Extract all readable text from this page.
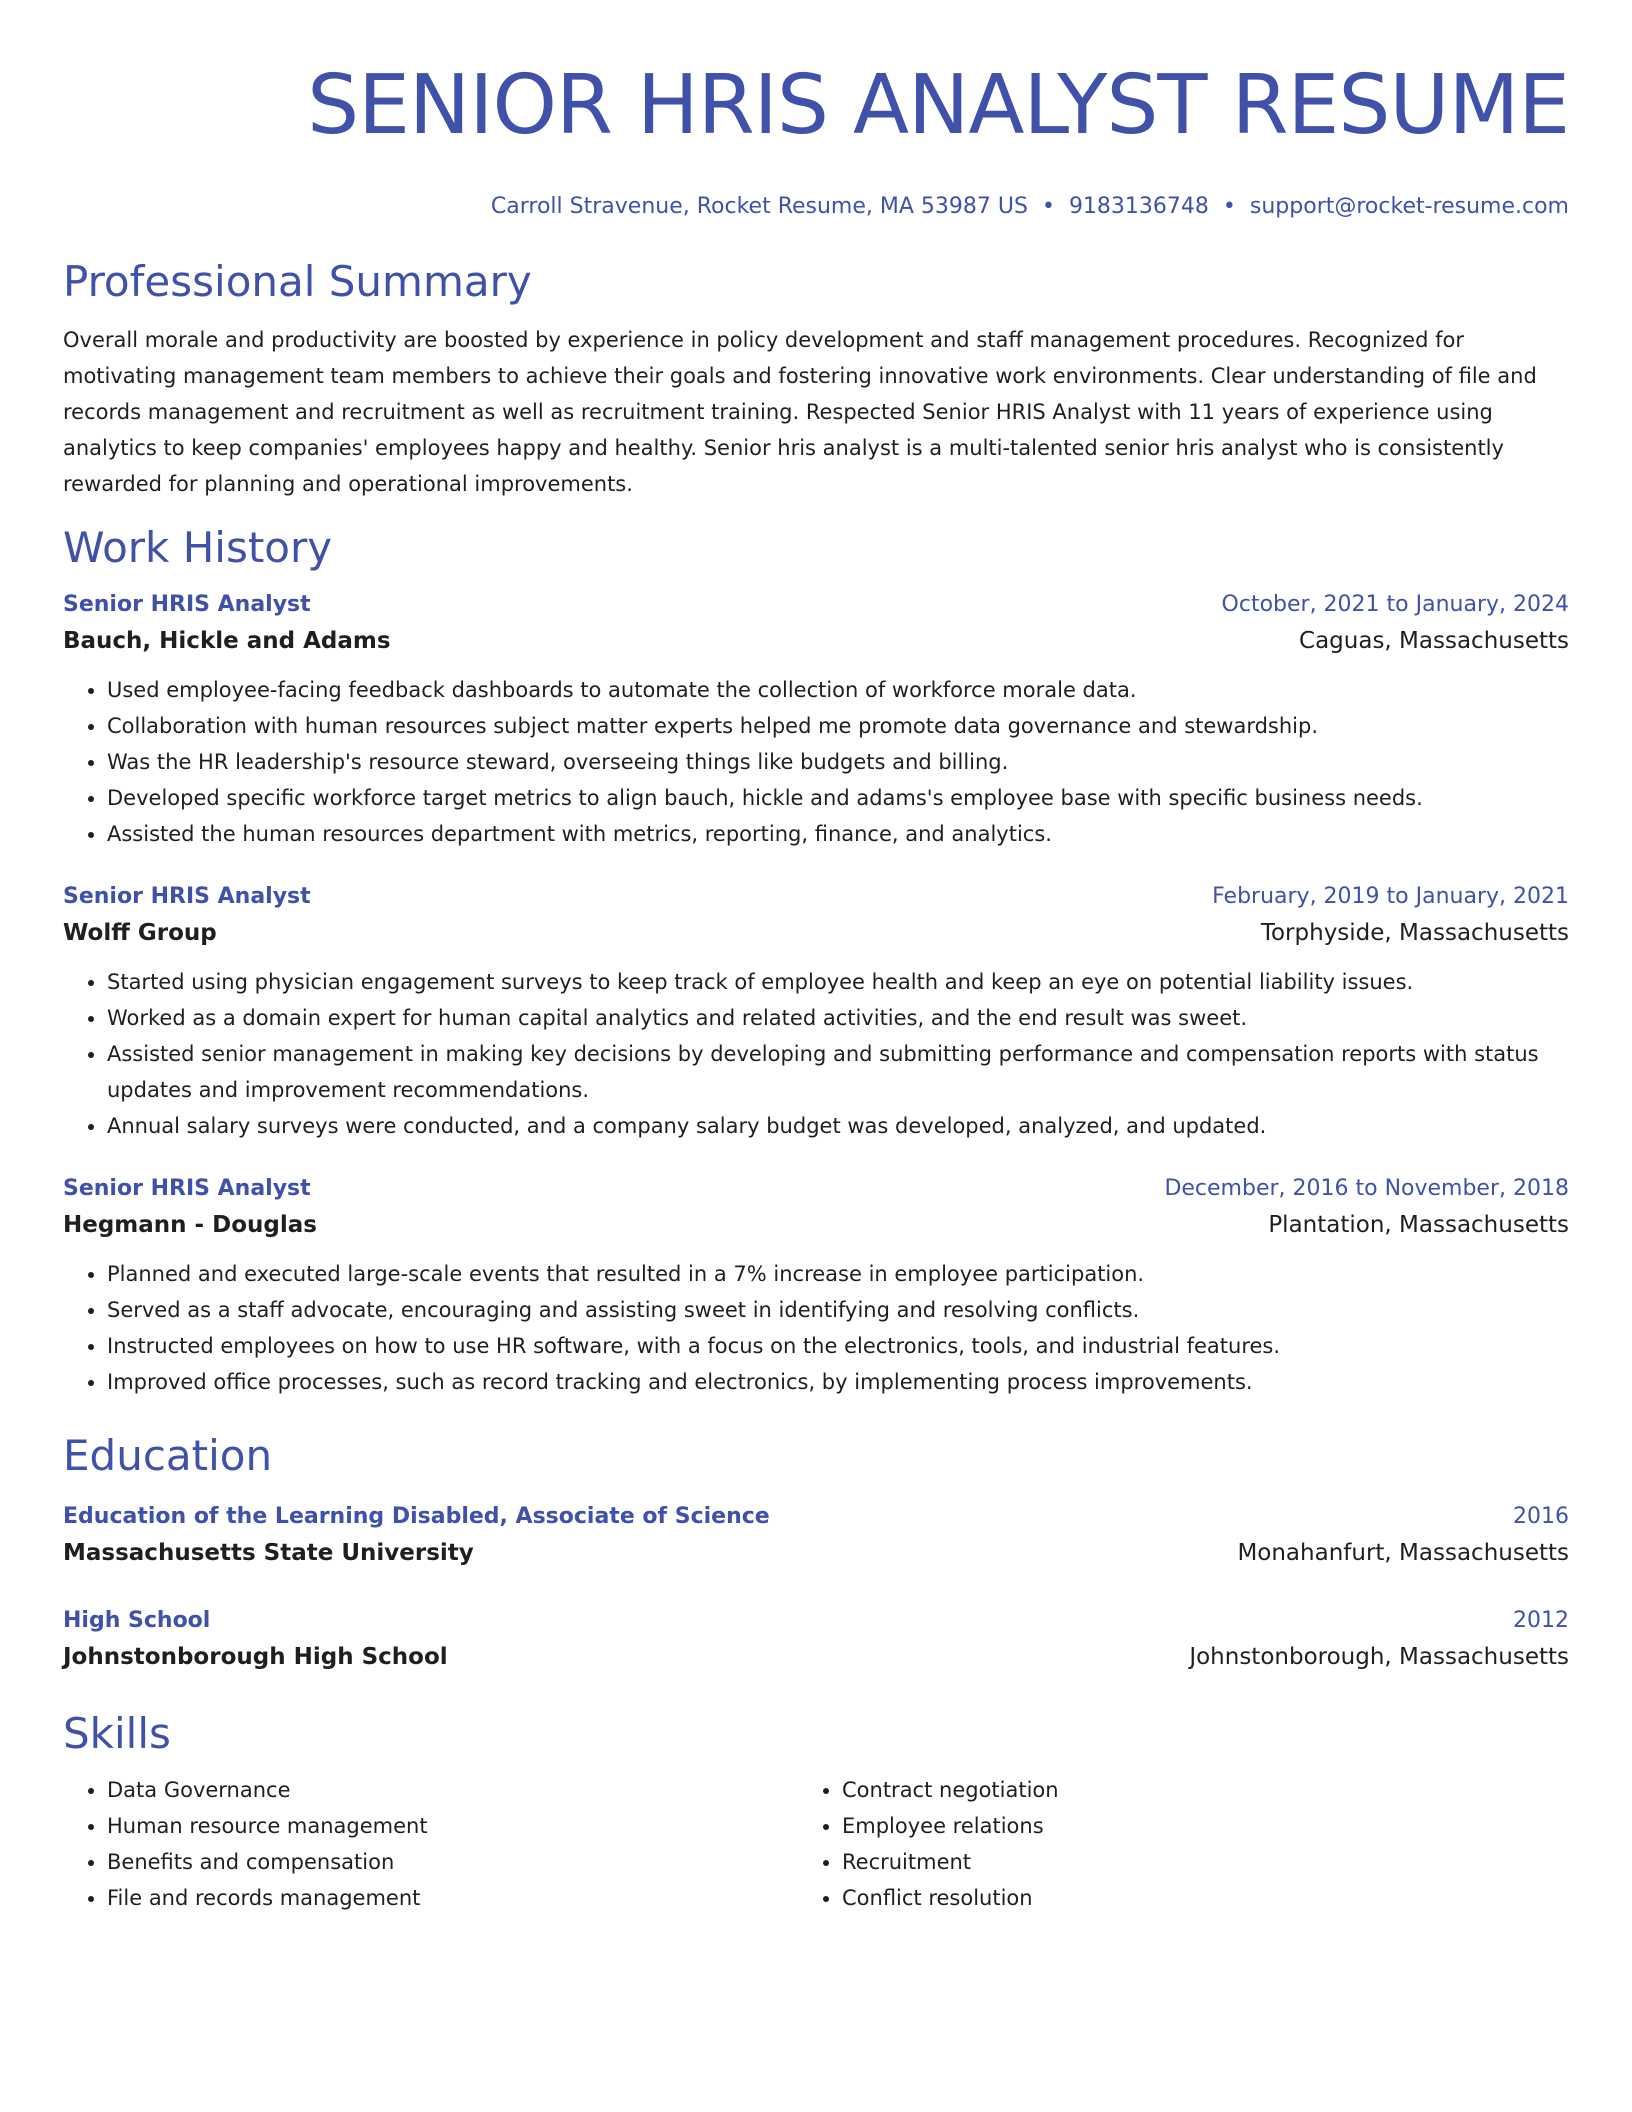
SENIOR HRIS ANALYST RESUME
Carroll Stravenue, Rocket Resume, MA 53987 US • 9183136748 • support@rocket-resume.com
Professional Summary
Overall morale and productivity are boosted by experience in policy development and staff management procedures. Recognized for motivating management team members to achieve their goals and fostering innovative work environments. Clear understanding of file and records management and recruitment as well as recruitment training. Respected Senior HRIS Analyst with 11 years of experience using analytics to keep companies' employees happy and healthy. Senior hris analyst is a multi-talented senior hris analyst who is consistently rewarded for planning and operational improvements.
Work History
Senior HRIS Analyst	October, 2021 to January, 2024
Bauch, Hickle and Adams	Caguas, Massachusetts
• Used employee-facing feedback dashboards to automate the collection of workforce morale data.
• Collaboration with human resources subject matter experts helped me promote data governance and stewardship.
• Was the HR leadership's resource steward, overseeing things like budgets and billing.
• Developed specific workforce target metrics to align bauch, hickle and adams's employee base with specific business needs.
• Assisted the human resources department with metrics, reporting, finance, and analytics.
Senior HRIS Analyst	February, 2019 to January, 2021
Wolff Group	Torphyside, Massachusetts
• Started using physician engagement surveys to keep track of employee health and keep an eye on potential liability issues.
• Worked as a domain expert for human capital analytics and related activities, and the end result was sweet.
• Assisted senior management in making key decisions by developing and submitting performance and compensation reports with status updates and improvement recommendations.
• Annual salary surveys were conducted, and a company salary budget was developed, analyzed, and updated.
Senior HRIS Analyst	December, 2016 to November, 2018
Hegmann - Douglas	Plantation, Massachusetts
• Planned and executed large-scale events that resulted in a 7% increase in employee participation.
• Served as a staff advocate, encouraging and assisting sweet in identifying and resolving conflicts.
• Instructed employees on how to use HR software, with a focus on the electronics, tools, and industrial features.
• Improved office processes, such as record tracking and electronics, by implementing process improvements.
Education
Education of the Learning Disabled, Associate of Science	2016
Massachusetts State University	Monahanfurt, Massachusetts
High School	2012
Johnstonborough High School	Johnstonborough, Massachusetts
Skills
• Data Governance
• Human resource management
• Benefits and compensation
• File and records management
• Contract negotiation
• Employee relations
• Recruitment
• Conflict resolution
